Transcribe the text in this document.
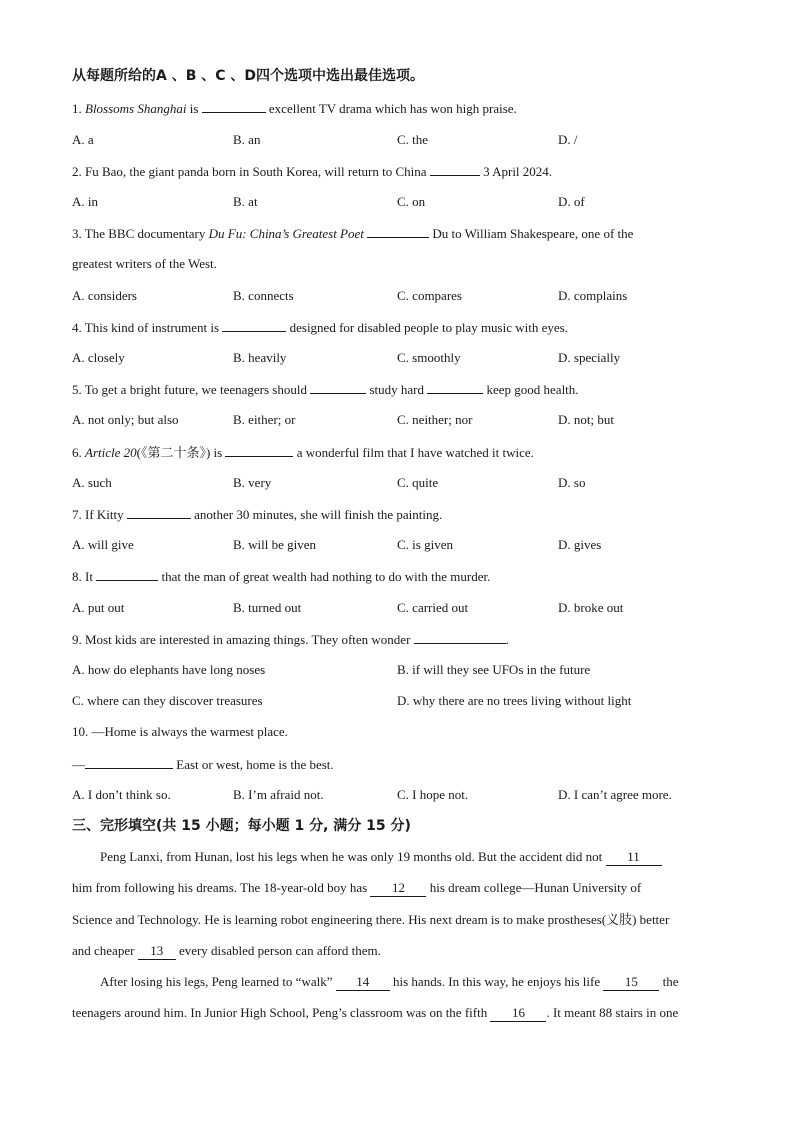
从每题所给的A 、B 、C 、D四个选项中选出最佳选项。
1. Blossoms Shanghai is	excellent TV drama which has won high praise.
A. a	B. an	C. the	D. /
2. Fu Bao, the giant panda born in South Korea, will return to China	3 April 2024.
A. in	B. at	C. on	D. of
3. The BBC documentary Du Fu: China’s Greatest Poet	Du to William Shakespeare, one of the
greatest writers of the West.
A. considers	B. connects	C. compares	D. complains
4. This kind of instrument is	designed for disabled people to play music with eyes.
A. closely	B. heavily	C. smoothly	D. specially
5. To get a bright future, we teenagers should	study hard	keep good health.
A. not only; but also	B. either; or	C. neither; nor	D. not; but
6. Article 20(《第二十条》) is	a wonderful film that I have watched it twice.
A. such	B. very	C. quite	D. so
7. If Kitty	another 30 minutes, she will finish the painting.
A. will give	B. will be given	C. is given	D. gives
8. It	that the man of great wealth had nothing to do with the murder.
A. put out	B. turned out	C. carried out	D. broke out
9. Most kids are interested in amazing things. They often wonder	.
A. how do elephants have long noses	B. if will they see UFOs in the future
C. where can they discover treasures	D. why there are no trees living without light
10. —Home is always the warmest place.
—	East or west, home is the best.
A. I don’t think so.	B. I’m afraid not.	C. I hope not.	D. I can’t agree more.
三、完形填空(共 15 小题；每小题 1 分, 满分 15 分)
Peng Lanxi, from Hunan, lost his legs when he was only 19 months old. But the accident did not 11
him from following his dreams. The 18-year-old boy has 12 his dream college—Hunan University of
Science and Technology. He is learning robot engineering there. His next dream is to make prostheses(义肢) better
and cheaper 13 every disabled person can afford them.
After losing his legs, Peng learned to “walk” 14 his hands. In this way, he enjoys his life 15 the
teenagers around him. In Junior High School, Peng’s classroom was on the fifth 16 . It meant 88 stairs in one
